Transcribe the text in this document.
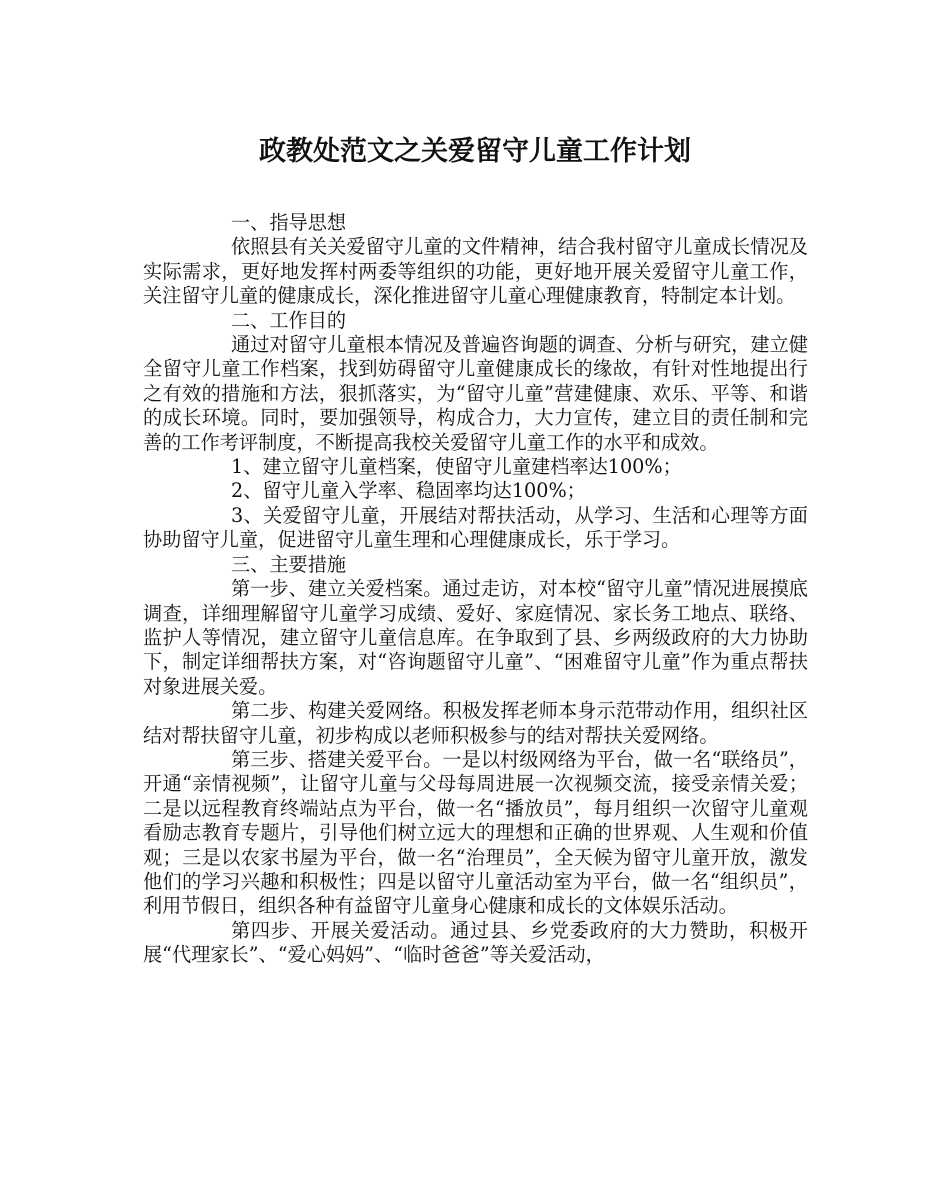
政教处范文之关爱留守儿童工作计划

一、指导思想

依照县有关关爱留守儿童的文件精神，结合我村留守儿童成长情况及实际需求，更好地发挥村两委等组织的功能，更好地开展关爱留守儿童工作，关注留守儿童的健康成长，深化推进留守儿童心理健康教育，特制定本计划。

二、工作目的

通过对留守儿童根本情况及普遍咨询题的调查、分析与研究，建立健全留守儿童工作档案，找到妨碍留守儿童健康成长的缘故，有针对性地提出行之有效的措施和方法，狠抓落实，为“留守儿童”营建健康、欢乐、平等、和谐的成长环境。同时，要加强领导，构成合力，大力宣传，建立目的责任制和完善的工作考评制度，不断提高我校关爱留守儿童工作的水平和成效。

1、建立留守儿童档案，使留守儿童建档率达100%；

2、留守儿童入学率、稳固率均达100%；

3、关爱留守儿童，开展结对帮扶活动，从学习、生活和心理等方面协助留守儿童，促进留守儿童生理和心理健康成长，乐于学习。

三、主要措施

第一步、建立关爱档案。通过走访，对本校“留守儿童”情况进展摸底调查，详细理解留守儿童学习成绩、爱好、家庭情况、家长务工地点、联络、监护人等情况，建立留守儿童信息库。在争取到了县、乡两级政府的大力协助下，制定详细帮扶方案，对“咨询题留守儿童”、“困难留守儿童”作为重点帮扶对象进展关爱。

第二步、构建关爱网络。积极发挥老师本身示范带动作用，组织社区结对帮扶留守儿童，初步构成以老师积极参与的结对帮扶关爱网络。

第三步、搭建关爱平台。一是以村级网络为平台，做一名“联络员”，开通“亲情视频”，让留守儿童与父母每周进展一次视频交流，接受亲情关爱；二是以远程教育终端站点为平台，做一名“播放员”，每月组织一次留守儿童观看励志教育专题片，引导他们树立远大的理想和正确的世界观、人生观和价值观；三是以农家书屋为平台，做一名“治理员”，全天候为留守儿童开放，激发他们的学习兴趣和积极性；四是以留守儿童活动室为平台，做一名“组织员”，利用节假日，组织各种有益留守儿童身心健康和成长的文体娱乐活动。

第四步、开展关爱活动。通过县、乡党委政府的大力赞助，积极开展“代理家长”、“爱心妈妈”、“临时爸爸”等关爱活动，
